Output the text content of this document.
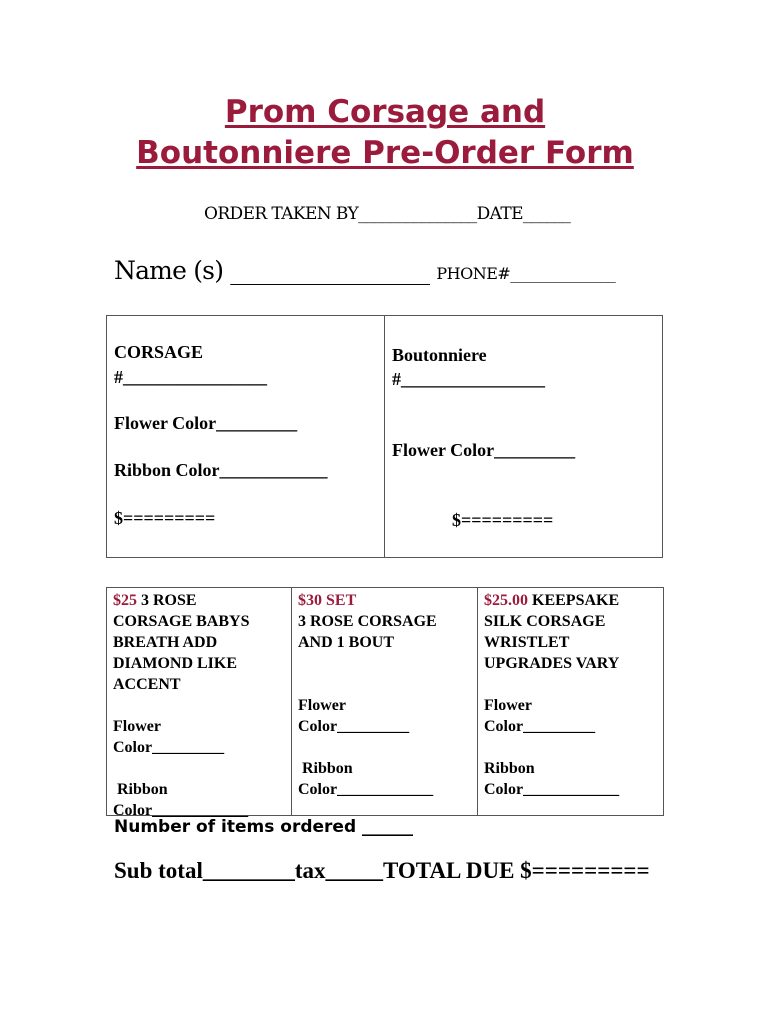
Prom Corsage and
Boutonniere Pre-Order Form
ORDER TAKEN BY_______________DATE______
Name (s) _________________ PHONE#______________
CORSAGE
#________________
Flower Color_________
Ribbon Color____________
$=========
Boutonniere
#________________
Flower Color_________
$=========
$25 3 ROSE
CORSAGE BABYS
BREATH ADD
DIAMOND LIKE
ACCENT
Flower
Color_________
Ribbon
Color____________
$30 SET
3 ROSE CORSAGE
AND 1 BOUT
Flower
Color_________
Ribbon
Color____________
$25.00 KEEPSAKE
SILK CORSAGE
WRISTLET
UPGRADES VARY
Flower
Color_________
Ribbon
Color____________
Number of items ordered ______
Sub total________tax_____TOTAL DUE $=========
